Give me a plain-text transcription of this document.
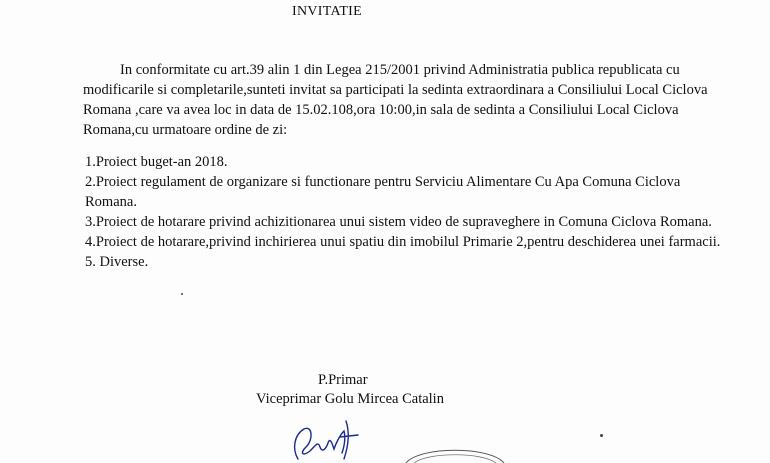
INVITATIE

In conformitate cu art.39 alin 1 din Legea 215/2001 privind Administratia publica republicata cu modificarile si completarile,sunteti invitat sa participati la sedinta extraordinara a Consiliului Local Ciclova Romana ,care va avea loc in data de 15.02.108,ora 10:00,in sala de sedinta a Consiliului Local Ciclova Romana,cu urmatoare ordine de zi:

1.Proiect buget-an 2018.
2.Proiect regulament de organizare si functionare pentru Serviciu Alimentare Cu Apa Comuna Ciclova Romana.
3.Proiect de hotarare privind achizitionarea unui sistem video de supraveghere in Comuna Ciclova Romana.
4.Proiect de hotarare,privind inchirierea unui spatiu din imobilul Primarie 2,pentru deschiderea unei farmacii.
5. Diverse.
P.Primar
Viceprimar Golu Mircea Catalin
